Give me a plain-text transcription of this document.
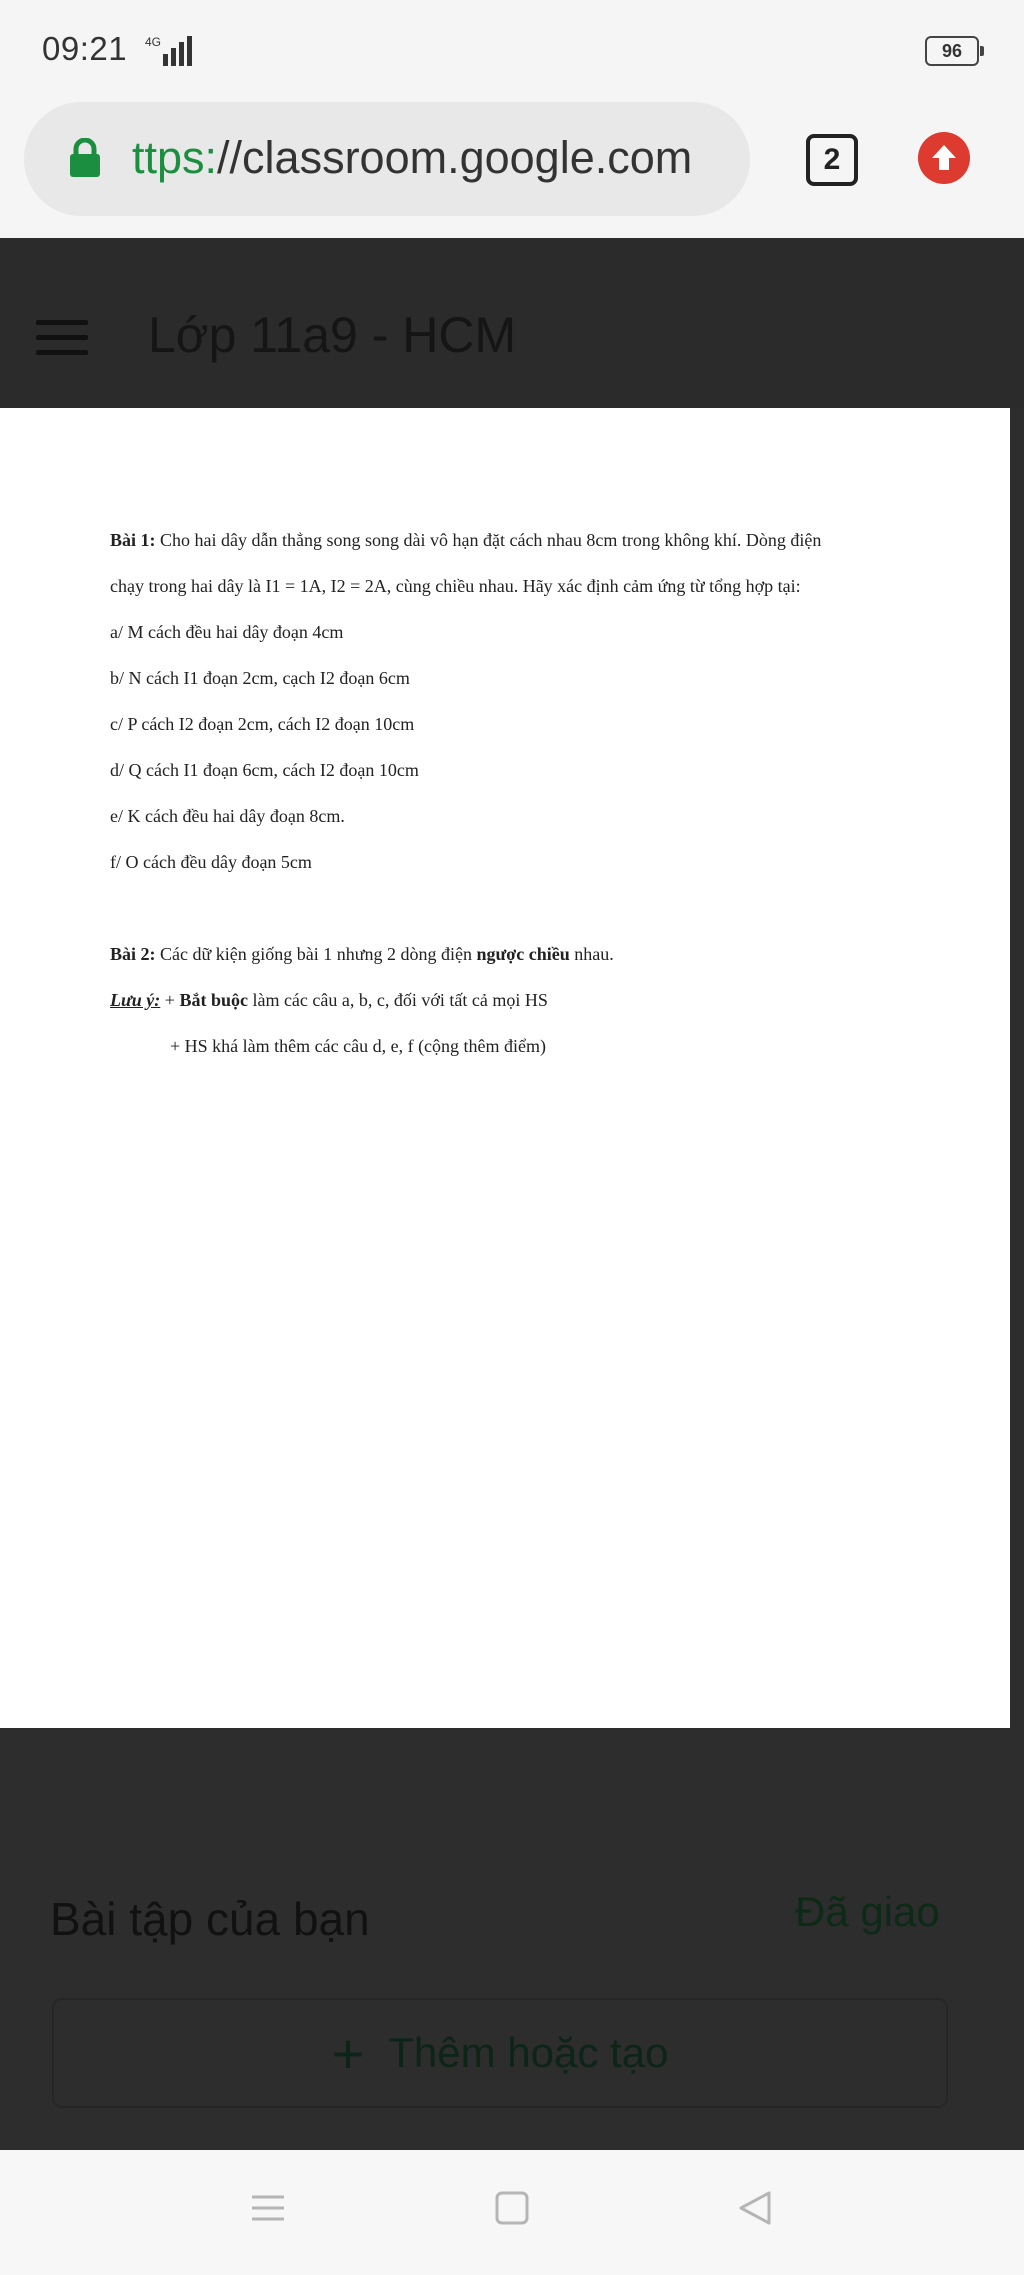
09:21 4G	96
ttps://classroom.google.com	2
Lớp 11a9 - HCM
Bài 1: Cho hai dây dẫn thẳng song song dài vô hạn đặt cách nhau 8cm trong không khí. Dòng điện
chạy trong hai dây là I1 = 1A, I2 = 2A, cùng chiều nhau. Hãy xác định cảm ứng từ tổng hợp tại:
a/ M cách đều hai dây đoạn 4cm
b/ N cách I1 đoạn 2cm, cạch I2 đoạn 6cm
c/ P cách I2 đoạn 2cm, cách I2 đoạn 10cm
d/ Q cách I1 đoạn 6cm, cách I2 đoạn 10cm
e/ K cách đều hai dây đoạn 8cm.
f/ O cách đều dây đoạn 5cm
Bài 2: Các dữ kiện giống bài 1 nhưng 2 dòng điện ngược chiều nhau.
Lưu ý: + Bắt buộc làm các câu a, b, c, đối với tất cả mọi HS
+ HS khá làm thêm các câu d, e, f (cộng thêm điểm)
Bài tập của bạn	Đã giao
+ Thêm hoặc tạo
